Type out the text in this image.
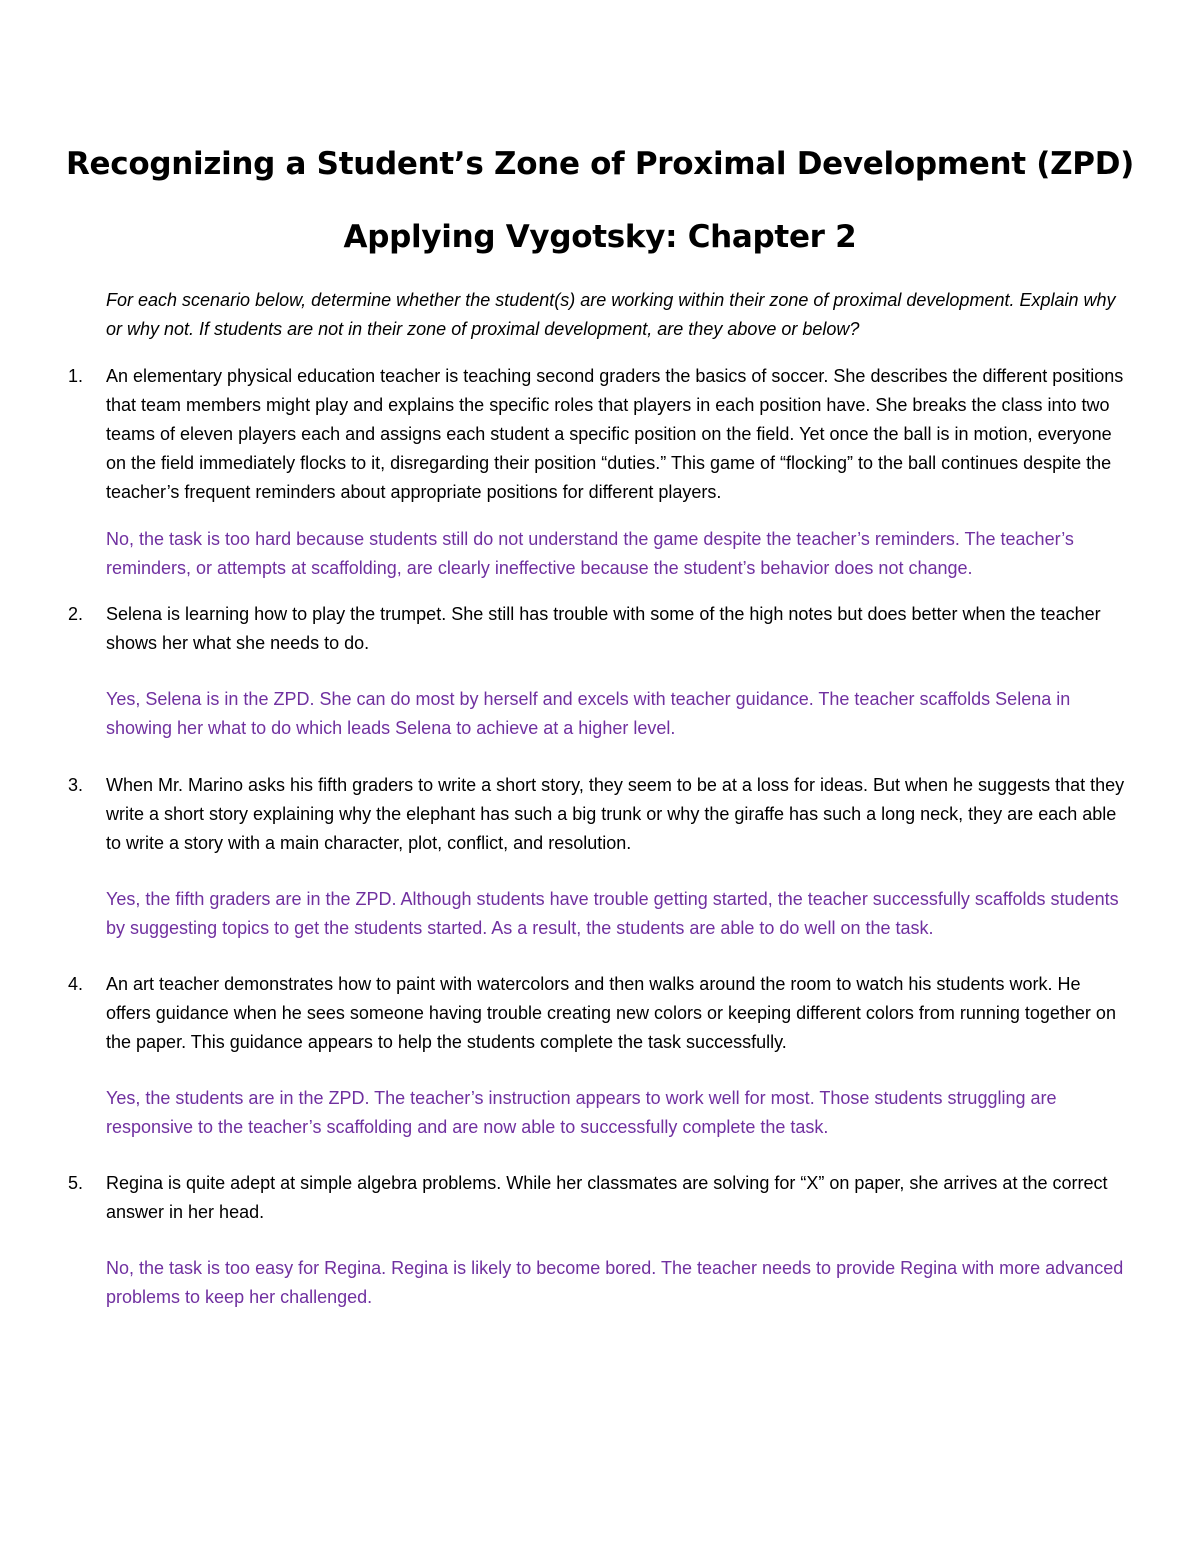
Recognizing a Student’s Zone of Proximal Development (ZPD)
Applying Vygotsky: Chapter 2

For each scenario below, determine whether the student(s) are working within their zone of proximal development. Explain why or why not. If students are not in their zone of proximal development, are they above or below?

1.	An elementary physical education teacher is teaching second graders the basics of soccer. She describes the different positions that team members might play and explains the specific roles that players in each position have. She breaks the class into two teams of eleven players each and assigns each student a specific position on the field. Yet once the ball is in motion, everyone on the field immediately flocks to it, disregarding their position “duties.” This game of “flocking” to the ball continues despite the teacher’s frequent reminders about appropriate positions for different players.

No, the task is too hard because students still do not understand the game despite the teacher’s reminders. The teacher’s reminders, or attempts at scaffolding, are clearly ineffective because the student’s behavior does not change.

2.	Selena is learning how to play the trumpet. She still has trouble with some of the high notes but does better when the teacher shows her what she needs to do.

Yes, Selena is in the ZPD. She can do most by herself and excels with teacher guidance. The teacher scaffolds Selena in showing her what to do which leads Selena to achieve at a higher level.

3.	When Mr. Marino asks his fifth graders to write a short story, they seem to be at a loss for ideas. But when he suggests that they write a short story explaining why the elephant has such a big trunk or why the giraffe has such a long neck, they are each able to write a story with a main character, plot, conflict, and resolution.

Yes, the fifth graders are in the ZPD. Although students have trouble getting started, the teacher successfully scaffolds students by suggesting topics to get the students started. As a result, the students are able to do well on the task.

4.	An art teacher demonstrates how to paint with watercolors and then walks around the room to watch his students work. He offers guidance when he sees someone having trouble creating new colors or keeping different colors from running together on the paper. This guidance appears to help the students complete the task successfully.

Yes, the students are in the ZPD. The teacher’s instruction appears to work well for most. Those students struggling are responsive to the teacher’s scaffolding and are now able to successfully complete the task.

5.	Regina is quite adept at simple algebra problems. While her classmates are solving for “X” on paper, she arrives at the correct answer in her head.

No, the task is too easy for Regina. Regina is likely to become bored. The teacher needs to provide Regina with more advanced problems to keep her challenged.
